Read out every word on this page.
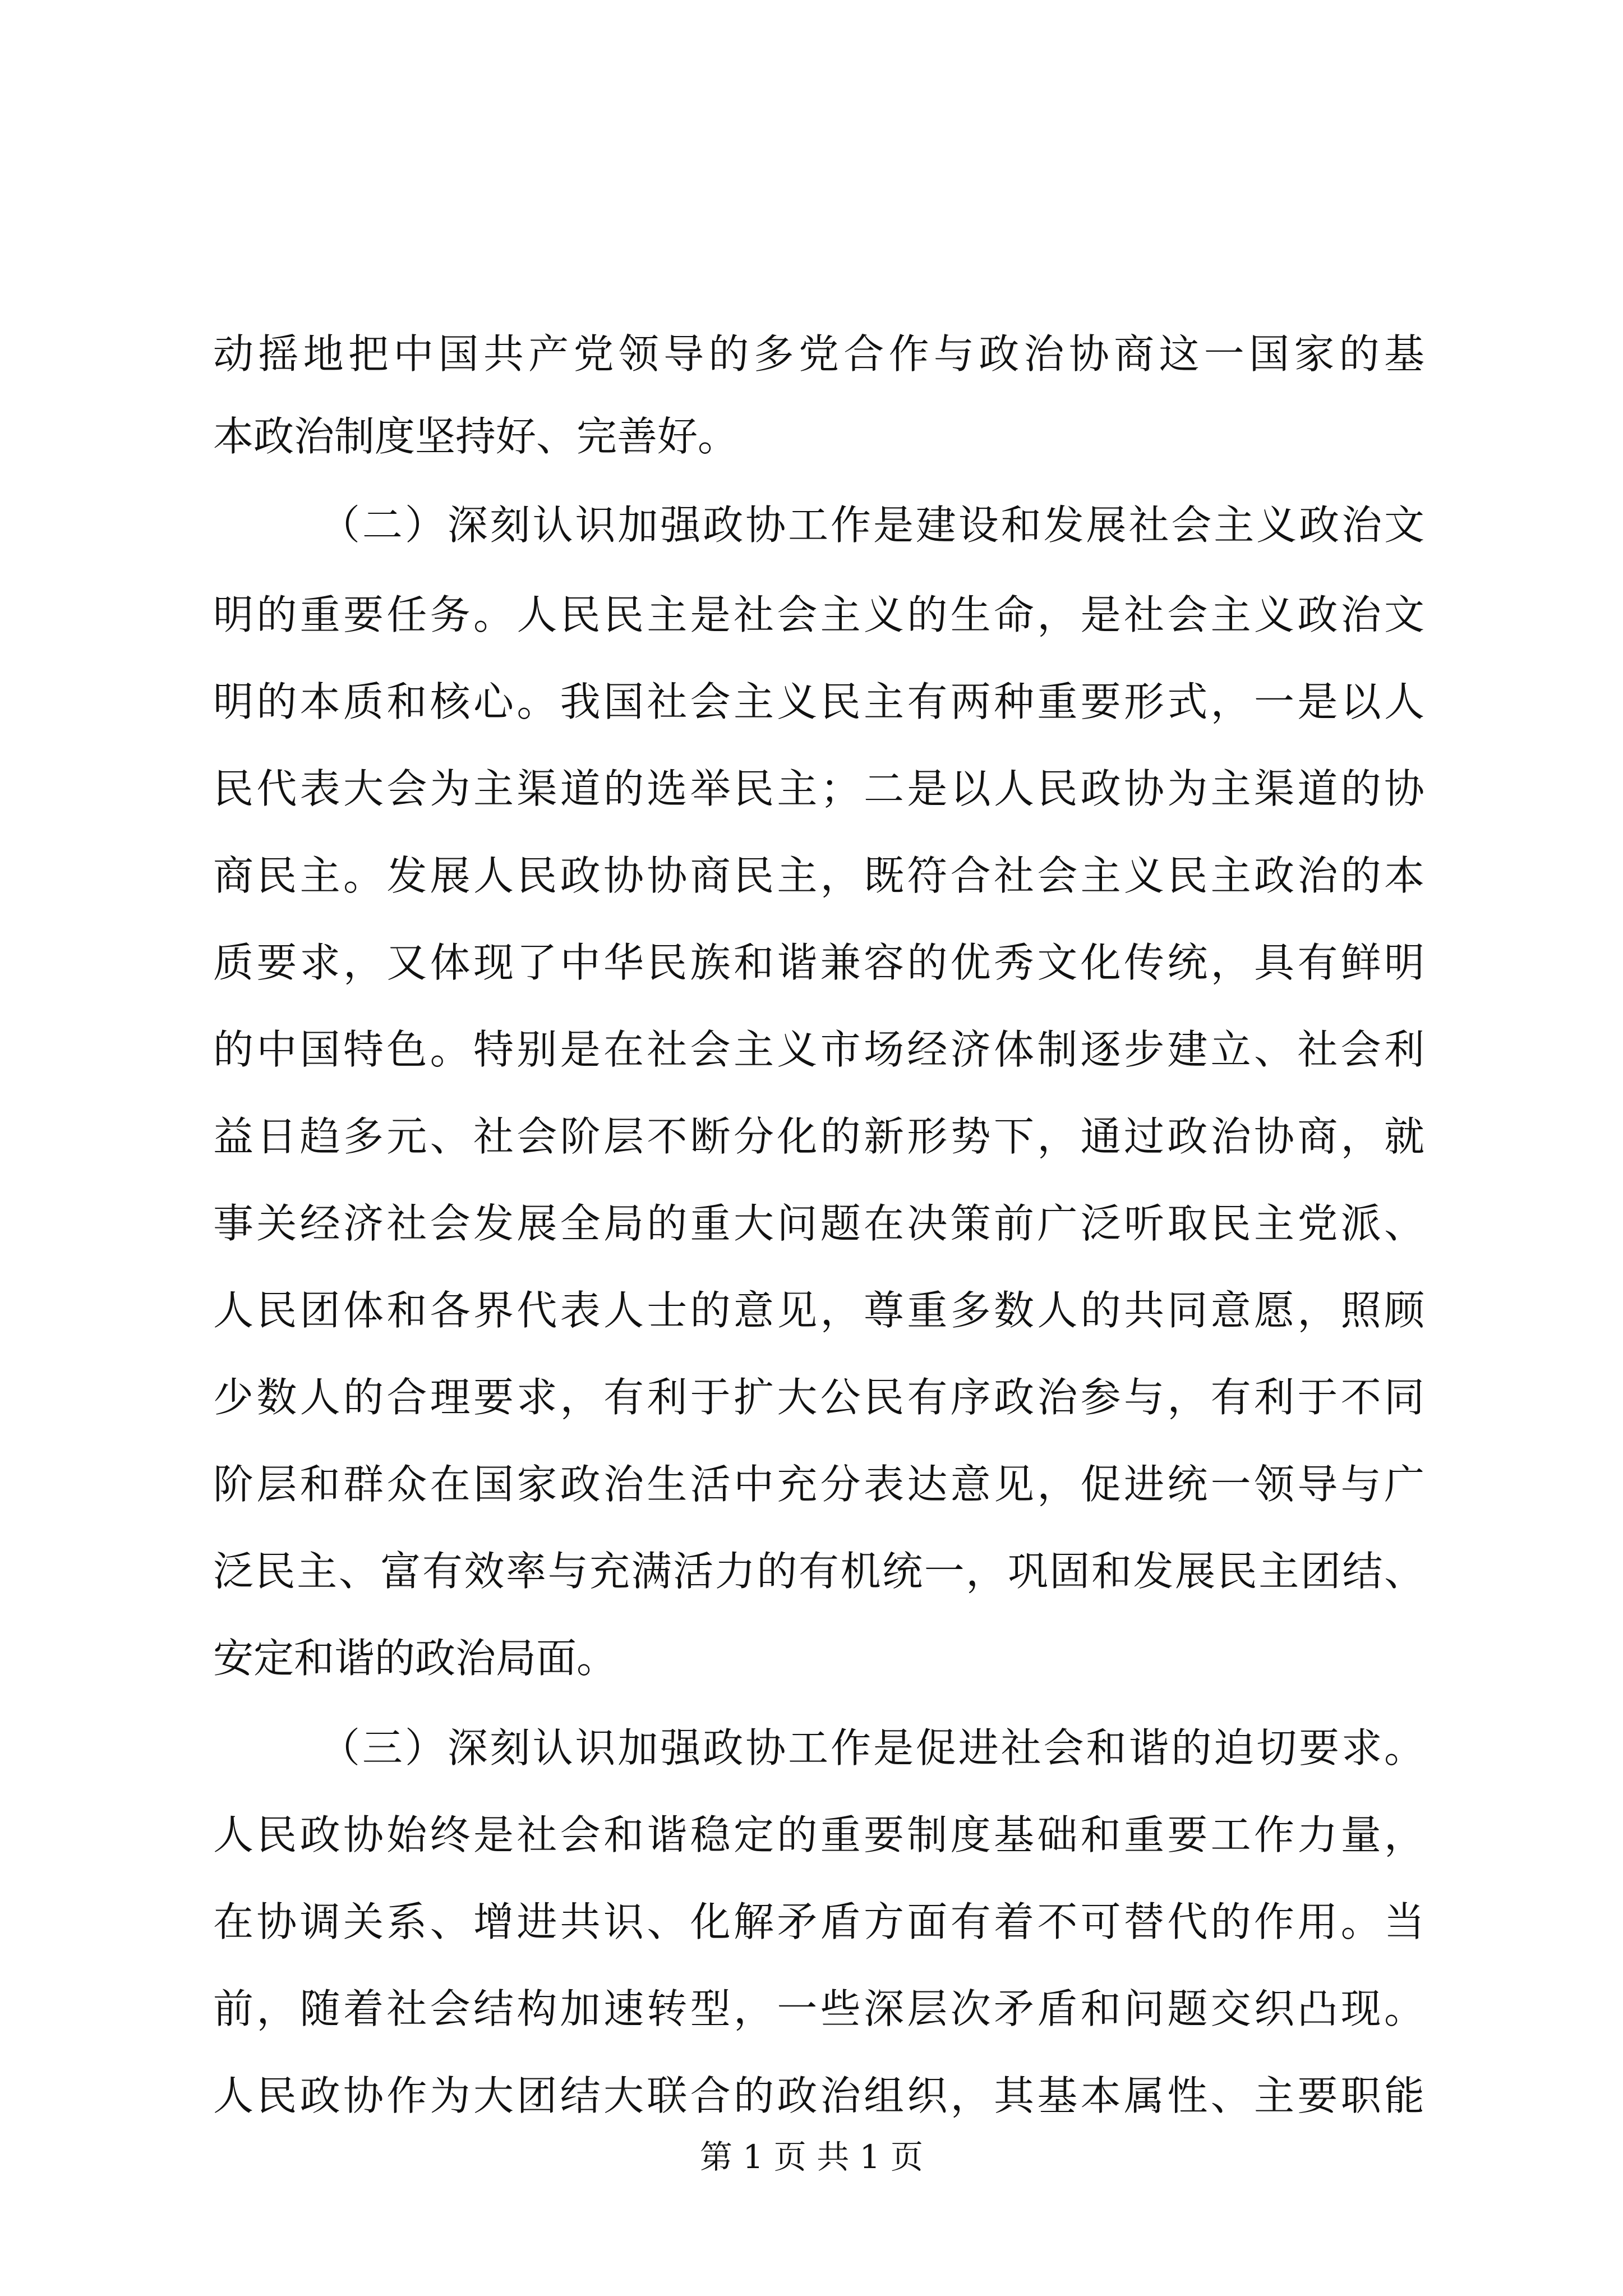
动摇地把中国共产党领导的多党合作与政治协商这一国家的基
本政治制度坚持好、完善好。
（二）深刻认识加强政协工作是建设和发展社会主义政治文
明的重要任务。人民民主是社会主义的生命，是社会主义政治文
明的本质和核心。我国社会主义民主有两种重要形式，一是以人
民代表大会为主渠道的选举民主；二是以人民政协为主渠道的协
商民主。发展人民政协协商民主，既符合社会主义民主政治的本
质要求，又体现了中华民族和谐兼容的优秀文化传统，具有鲜明
的中国特色。特别是在社会主义市场经济体制逐步建立、社会利
益日趋多元、社会阶层不断分化的新形势下，通过政治协商，就
事关经济社会发展全局的重大问题在决策前广泛听取民主党派、
人民团体和各界代表人士的意见，尊重多数人的共同意愿，照顾
少数人的合理要求，有利于扩大公民有序政治参与，有利于不同
阶层和群众在国家政治生活中充分表达意见，促进统一领导与广
泛民主、富有效率与充满活力的有机统一，巩固和发展民主团结、
安定和谐的政治局面。
（三）深刻认识加强政协工作是促进社会和谐的迫切要求。
人民政协始终是社会和谐稳定的重要制度基础和重要工作力量，
在协调关系、增进共识、化解矛盾方面有着不可替代的作用。当
前，随着社会结构加速转型，一些深层次矛盾和问题交织凸现。
人民政协作为大团结大联合的政治组织，其基本属性、主要职能
第 1 页 共 1 页
